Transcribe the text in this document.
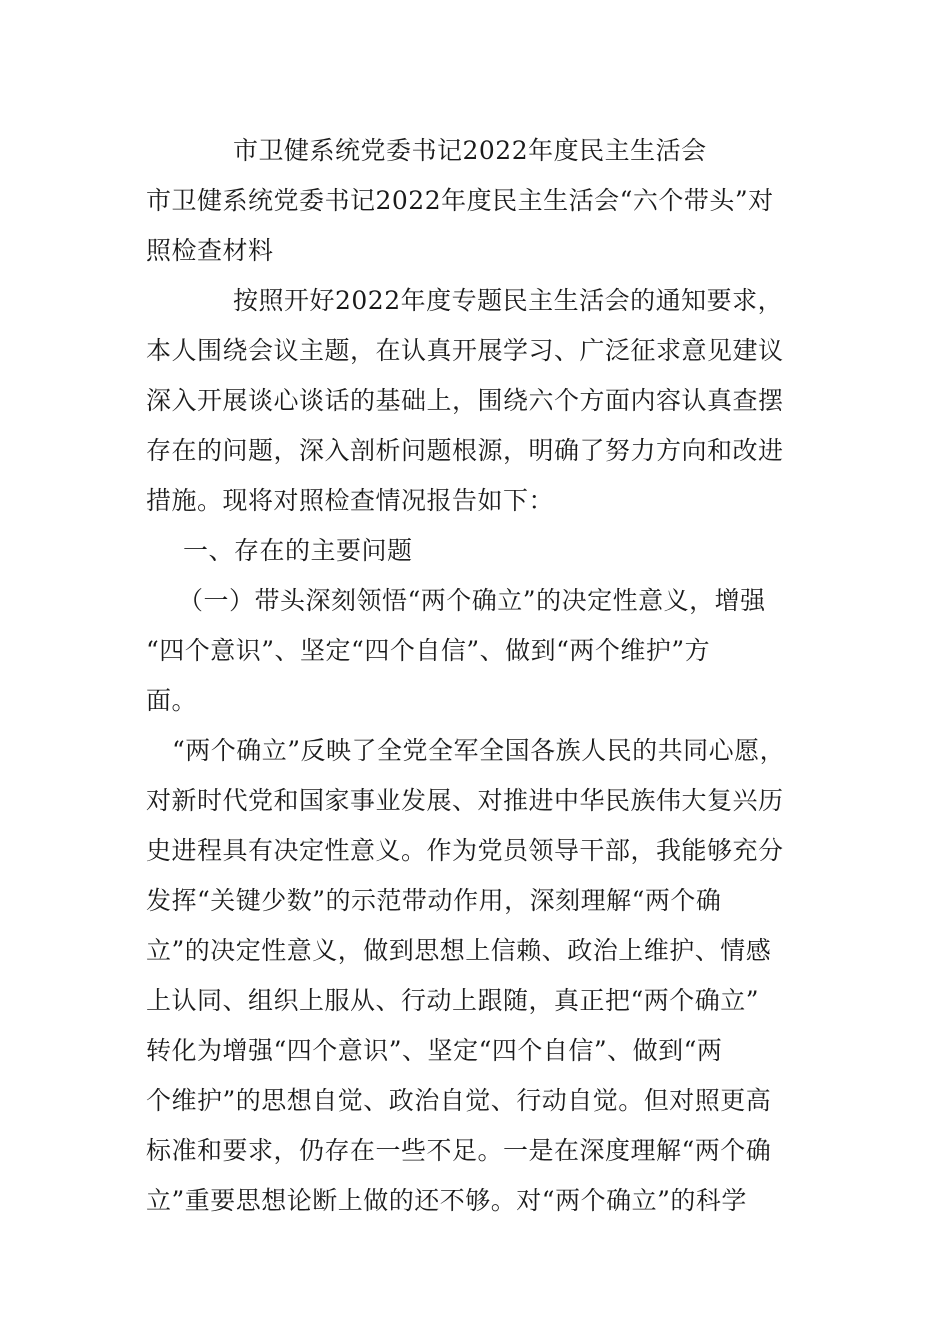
市卫健系统党委书记2022年度民主生活会
市卫健系统党委书记2022年度民主生活会“六个带头”对
照检查材料
按照开好2022年度专题民主生活会的通知要求，
本人围绕会议主题，在认真开展学习、广泛征求意见建议
深入开展谈心谈话的基础上，围绕六个方面内容认真查摆
存在的问题，深入剖析问题根源，明确了努力方向和改进
措施。现将对照检查情况报告如下：
一、存在的主要问题
（一）带头深刻领悟“两个确立”的决定性意义，增强
“四个意识”、坚定“四个自信”、做到“两个维护”方
面。
“两个确立”反映了全党全军全国各族人民的共同心愿，
对新时代党和国家事业发展、对推进中华民族伟大复兴历
史进程具有决定性意义。作为党员领导干部，我能够充分
发挥“关键少数”的示范带动作用，深刻理解“两个确
立”的决定性意义，做到思想上信赖、政治上维护、情感
上认同、组织上服从、行动上跟随，真正把“两个确立”
转化为增强“四个意识”、坚定“四个自信”、做到“两
个维护”的思想自觉、政治自觉、行动自觉。但对照更高
标准和要求，仍存在一些不足。一是在深度理解“两个确
立”重要思想论断上做的还不够。对“两个确立”的科学
